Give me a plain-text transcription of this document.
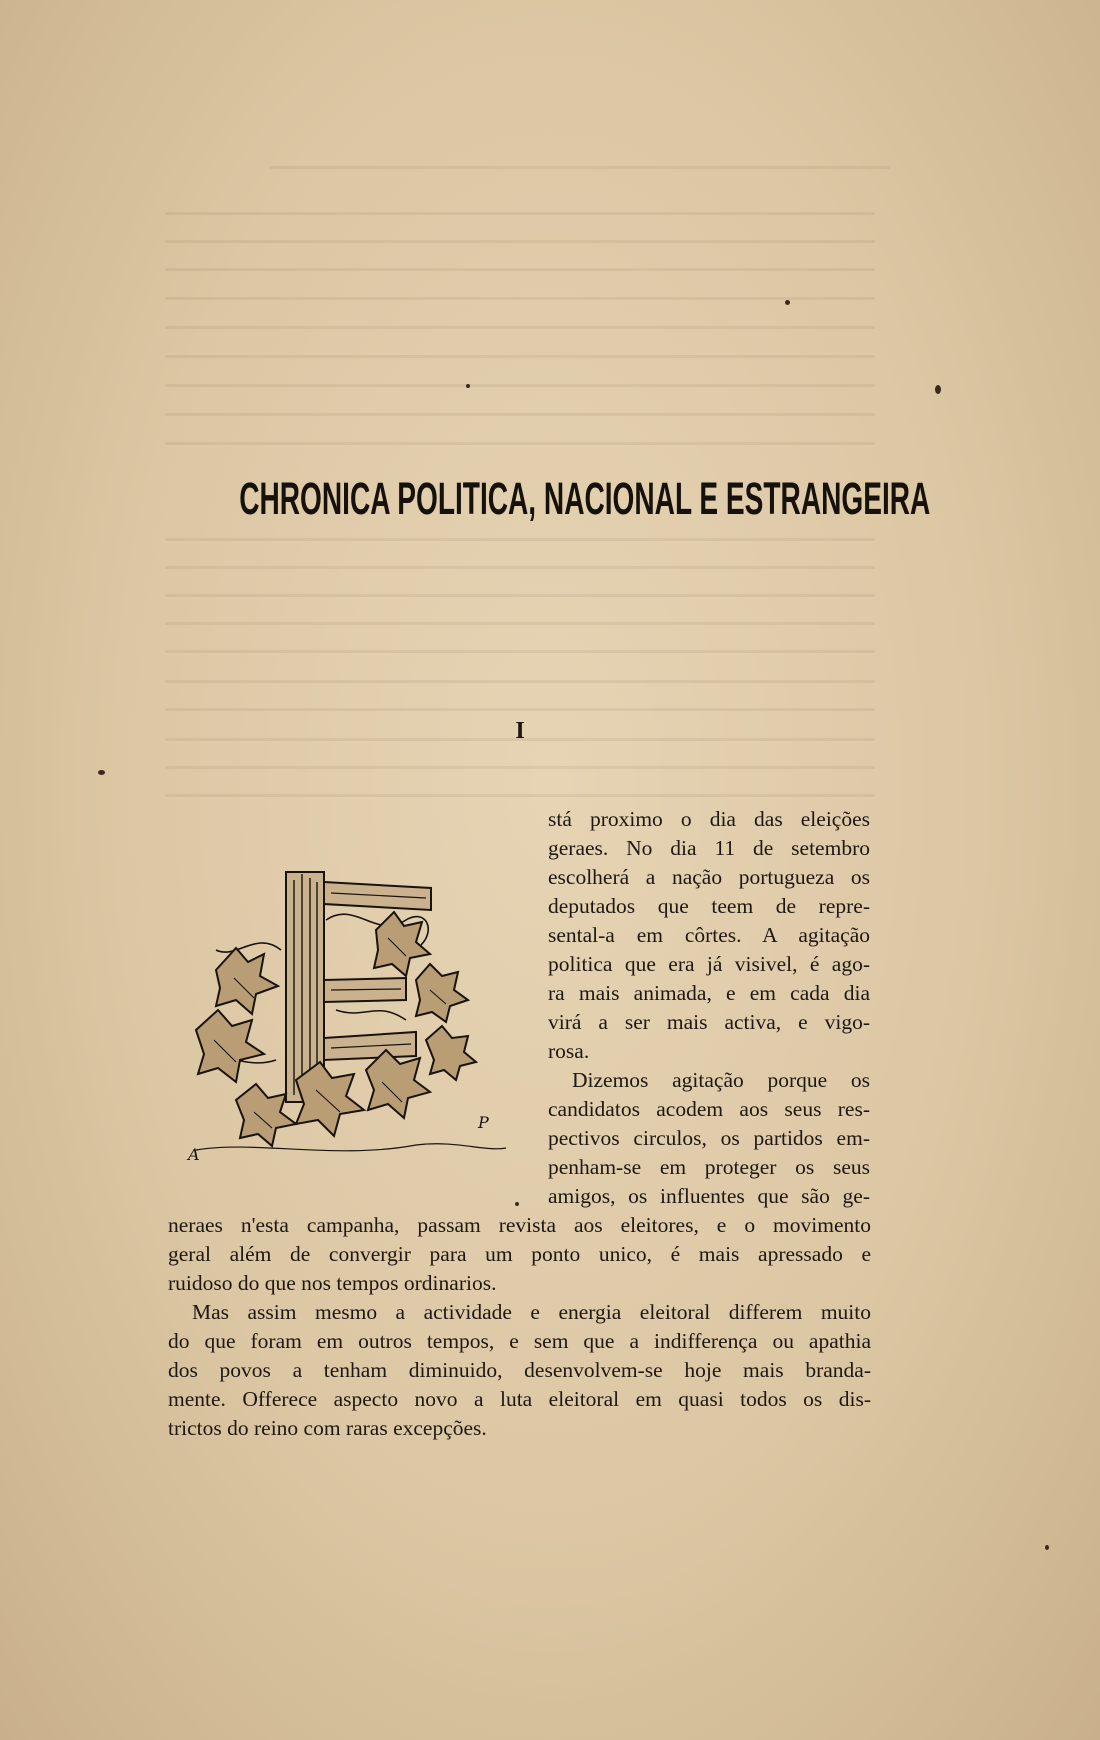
CHRONICA POLITICA, NACIONAL E ESTRANGEIRA
I
A
P
stá proximo o dia das eleições
geraes. No dia 11 de setembro
escolherá a nação portugueza os
deputados que teem de repre-
sental-a em côrtes. A agitação
politica que era já visivel, é ago-
ra mais animada, e em cada dia
virá a ser mais activa, e vigo-
rosa.
Dizemos agitação porque os
candidatos acodem aos seus res-
pectivos circulos, os partidos em-
penham-se em proteger os seus
amigos, os influentes que são ge-
neraes n'esta campanha, passam revista aos eleitores, e o movimento
geral além de convergir para um ponto unico, é mais apressado e
ruidoso do que nos tempos ordinarios.
Mas assim mesmo a actividade e energia eleitoral differem muito
do que foram em outros tempos, e sem que a indifferença ou apathia
dos povos a tenham diminuido, desenvolvem-se hoje mais branda-
mente. Offerece aspecto novo a luta eleitoral em quasi todos os dis-
trictos do reino com raras excepções.
